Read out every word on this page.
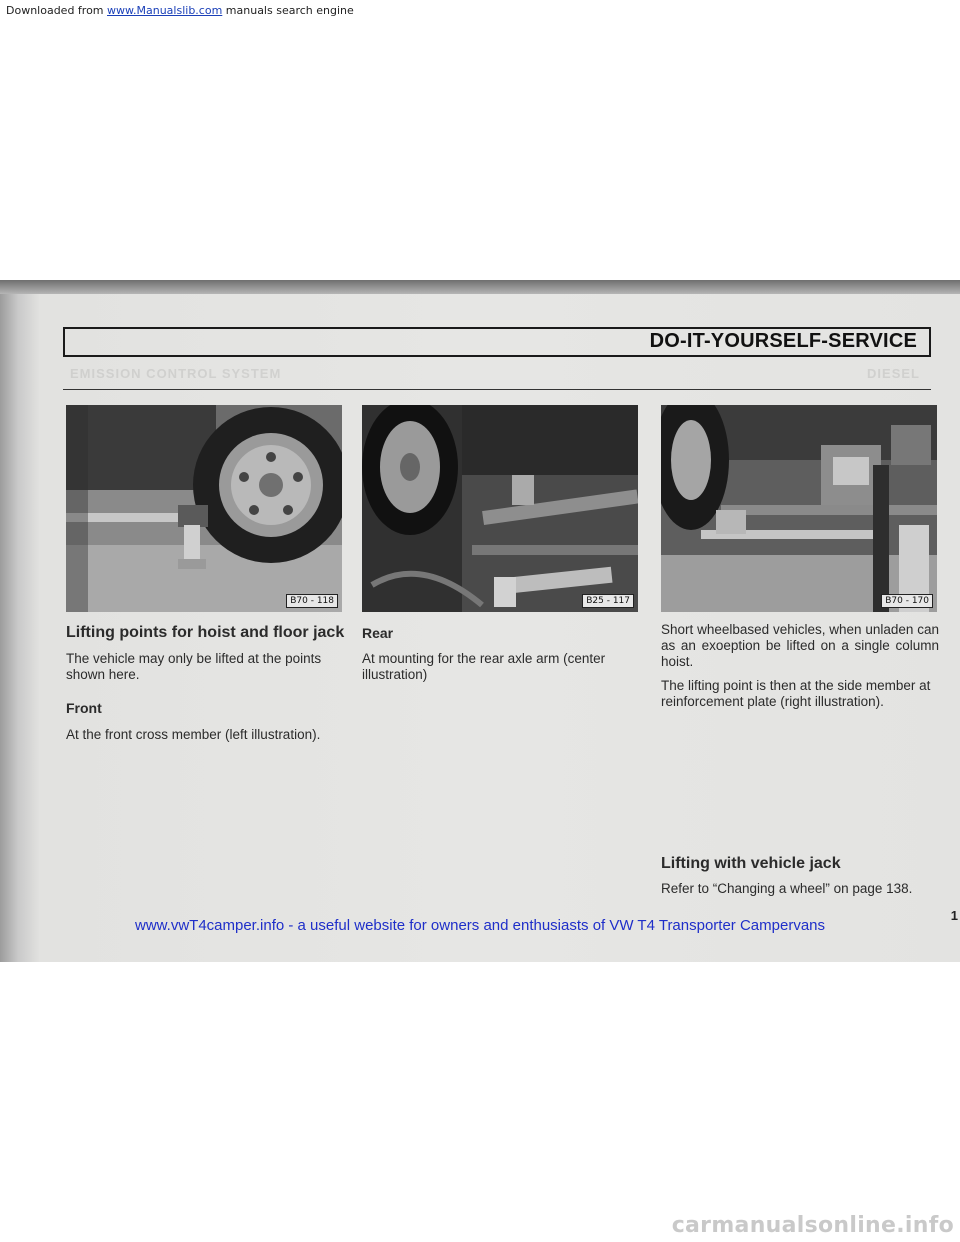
Downloaded from www.Manualslib.com manuals search engine
EMISSION CONTROL SYSTEM	DIESEL
DO-IT-YOURSELF-SERVICE
B70 - 118	B25 - 117	B70 - 170

Lifting points for hoist and floor jack

The vehicle may only be lifted at the points shown here.

Front

At the front cross member (left illustration).

Rear

At mounting for the rear axle arm (center illustration)

Short wheelbased vehicles, when unladen can as an exoeption be lifted on a single column hoist.

The lifting point is then at the side member at reinforcement plate (right illustration).

Lifting with vehicle jack

Refer to “Changing a wheel” on page 138.

1
www.vwT4camper.info - a useful website for owners and enthusiasts of VW T4 Transporter Campervans
carmanualsonline.info
